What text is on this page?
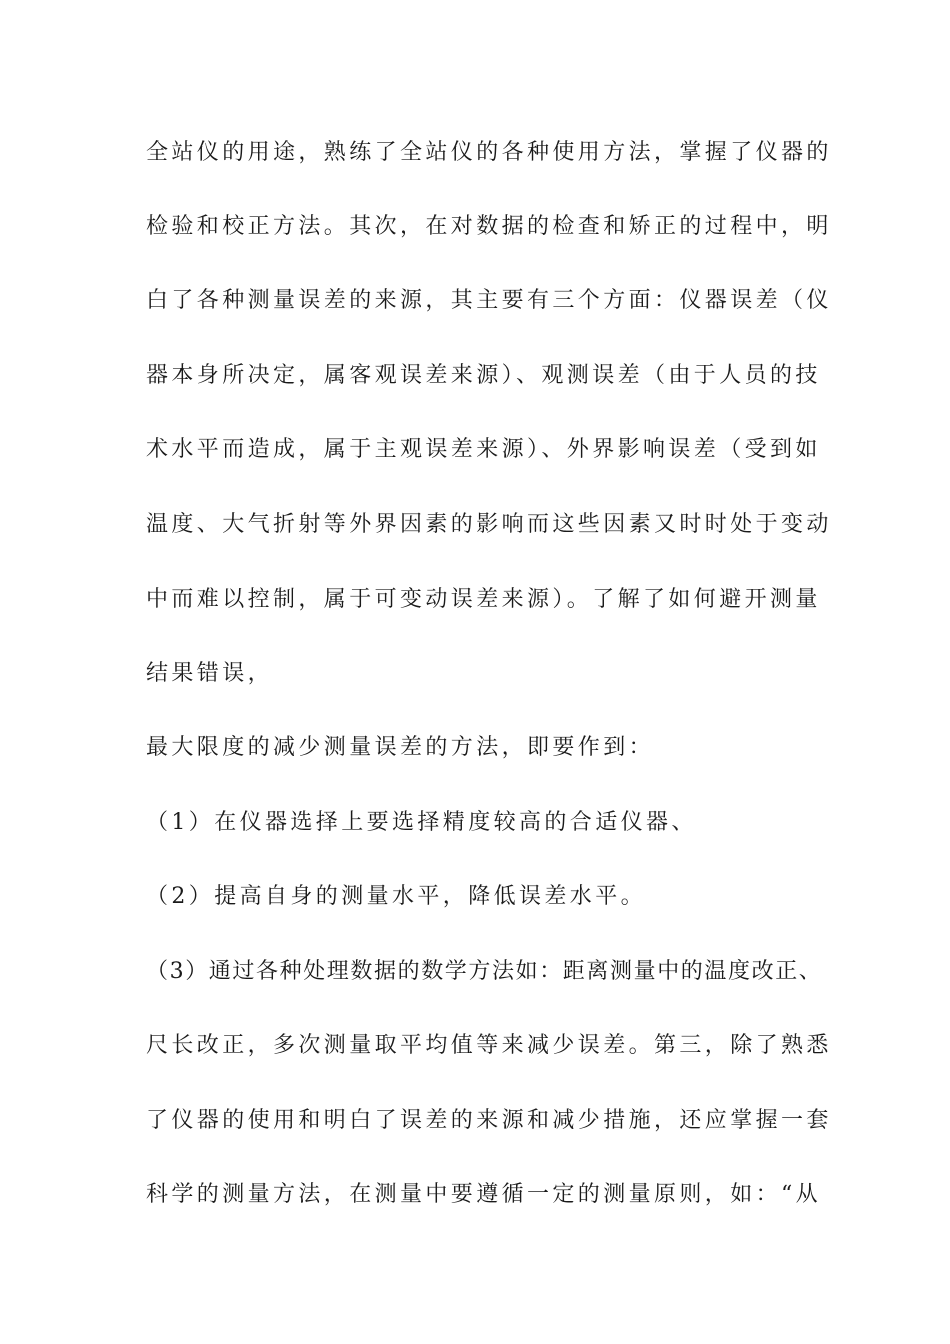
全站仪的用途，熟练了全站仪的各种使用方法，掌握了仪器的
检验和校正方法。其次，在对数据的检查和矫正的过程中，明
白了各种测量误差的来源，其主要有三个方面：仪器误差（仪
器本身所决定，属客观误差来源）、观测误差（由于人员的技
术水平而造成，属于主观误差来源）、外界影响误差（受到如
温度、大气折射等外界因素的影响而这些因素又时时处于变动
中而难以控制，属于可变动误差来源）。了解了如何避开测量
结果错误，
最大限度的减少测量误差的方法，即要作到：
（1）在仪器选择上要选择精度较高的合适仪器、
（2）提高自身的测量水平，降低误差水平。
（3）通过各种处理数据的数学方法如：距离测量中的温度改正、
尺长改正，多次测量取平均值等来减少误差。第三，除了熟悉
了仪器的使用和明白了误差的来源和减少措施，还应掌握一套
科学的测量方法，在测量中要遵循一定的测量原则，如：“从
